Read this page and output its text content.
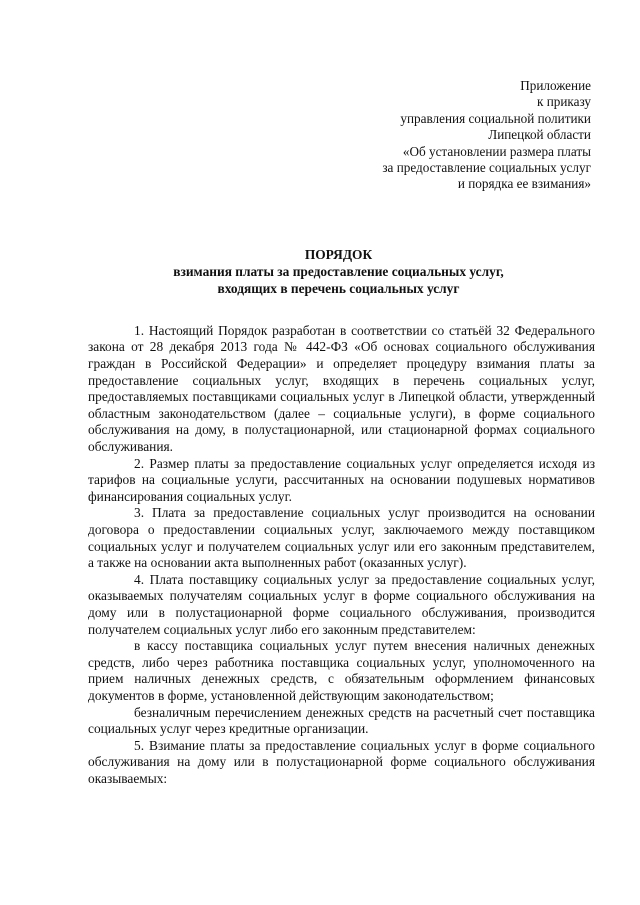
Приложение
к приказу
управления социальной политики
Липецкой области
«Об установлении размера платы
за предоставление социальных услуг
и порядка ее взимания»
ПОРЯДОК
взимания платы за предоставление социальных услуг,
входящих в перечень социальных услуг

1. Настоящий Порядок разработан в соответствии со статьёй 32 Федерального закона от 28 декабря 2013 года № 442-ФЗ «Об основах социального обслуживания граждан в Российской Федерации» и определяет процедуру взимания платы за предоставление социальных услуг, входящих в перечень социальных услуг, предоставляемых поставщиками социальных услуг в Липецкой области, утвержденный областным законодательством (далее – социальные услуги), в форме социального обслуживания на дому, в полустационарной, или стационарной формах социального обслуживания.

2. Размер платы за предоставление социальных услуг определяется исходя из тарифов на социальные услуги, рассчитанных на основании подушевых нормативов финансирования социальных услуг.

3. Плата за предоставление социальных услуг производится на основании договора о предоставлении социальных услуг, заключаемого между поставщиком социальных услуг и получателем социальных услуг или его законным представителем, а также на основании акта выполненных работ (оказанных услуг).

4. Плата поставщику социальных услуг за предоставление социальных услуг, оказываемых получателям социальных услуг в форме социального обслуживания на дому или в полустационарной форме социального обслуживания, производится получателем социальных услуг либо его законным представителем:

в кассу поставщика социальных услуг путем внесения наличных денежных средств, либо через работника поставщика социальных услуг, уполномоченного на прием наличных денежных средств, с обязательным оформлением финансовых документов в форме, установленной действующим законодательством;

безналичным перечислением денежных средств на расчетный счет поставщика социальных услуг через кредитные организации.

5. Взимание платы за предоставление социальных услуг в форме социального обслуживания на дому или в полустационарной форме социального обслуживания оказываемых:
